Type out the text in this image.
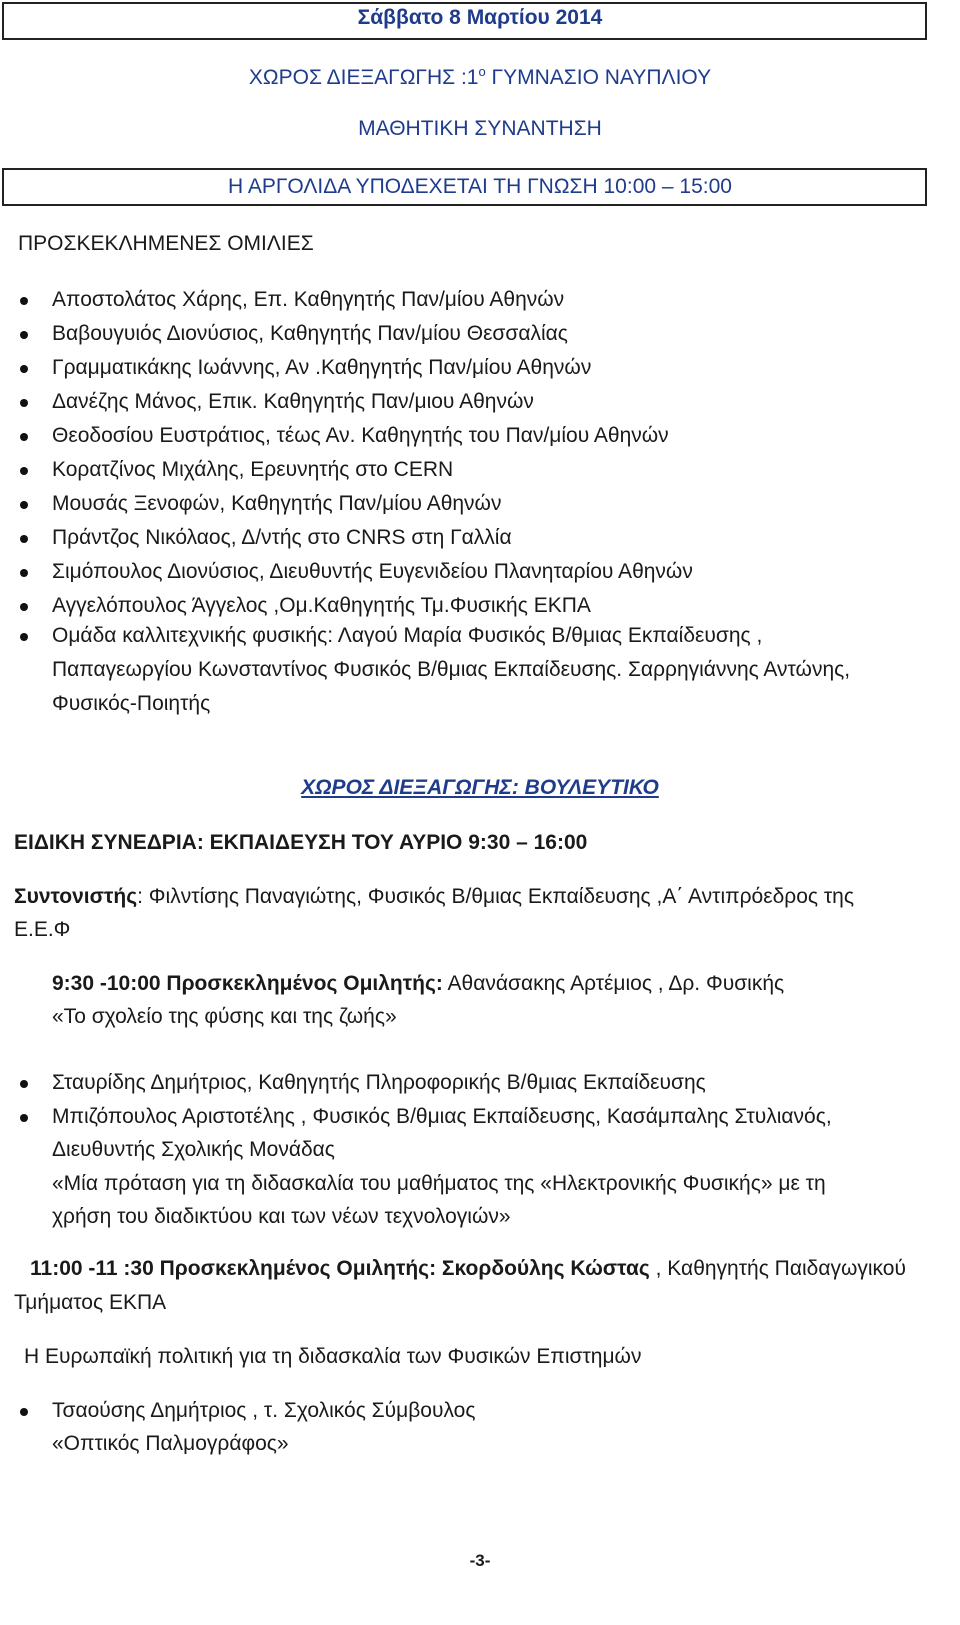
Σάββατο 8 Μαρτίου 2014
ΧΩΡΟΣ ΔΙΕΞΑΓΩΓΗΣ $:1^o$ ΓΥΜΝΑΣΙΟ ΝΑΥΠΛΙΟΥ
ΜΑΘΗΤΙΚΗ ΣΥΝΑΝΤΗΣΗ
Η ΑΡΓΟΛΙΔΑ ΥΠΟΔΕΧΕΤΑΙ ΤΗ ΓΝΩΣΗ 10:00 – 15:00
ΠΡΟΣΚΕΚΛΗΜΕΝΕΣ ΟΜΙΛΙΕΣ
Αποστολάτος Χάρης, Επ. Καθηγητής Παν/μίου Αθηνών
Βαβουγυιός Διονύσιος, Καθηγητής Παν/μίου Θεσσαλίας
Γραμματικάκης Ιωάννης, Αν .Καθηγητής Παν/μίου Αθηνών
Δανέζης Μάνος, Επικ. Καθηγητής Παν/μιου Αθηνών
Θεοδοσίου Ευστράτιος, τέως Αν. Καθηγητής του Παν/μίου Αθηνών
Κορατζίνος Μιχάλης, Ερευνητής στο CERN
Μουσάς Ξενοφών, Καθηγητής Παν/μίου Αθηνών
Πράντζος Νικόλαος, Δ/ντής στο CNRS στη Γαλλία
Σιμόπουλος Διονύσιος, Διευθυντής Ευγενιδείου Πλανηταρίου Αθηνών
Αγγελόπουλος Άγγελος ,Ομ.Καθηγητής Τμ.Φυσικής ΕΚΠΑ
Ομάδα καλλιτεχνικής φυσικής: Λαγού Μαρία Φυσικός Β/θμιας Εκπαίδευσης ,
Παπαγεωργίου Κωνσταντίνος Φυσικός Β/θμιας Εκπαίδευσης. Σαρρηγιάννης Αντώνης,
Φυσικός-Ποιητής
ΧΩΡΟΣ ΔΙΕΞΑΓΩΓΗΣ: ΒΟΥΛΕΥΤΙΚΟ
ΕΙΔΙΚΗ ΣΥΝΕΔΡΙΑ: ΕΚΠΑΙΔΕΥΣΗ ΤΟΥ ΑΥΡΙΟ 9:30 – 16:00
Συντονιστής: Φιλντίσης Παναγιώτης, Φυσικός Β/θμιας Εκπαίδευσης ,Α΄ Αντιπρόεδρος της
Ε.Ε.Φ
9:30 -10:00 Προσκεκλημένος Ομιλητής: Αθανάσακης Αρτέμιος , Δρ. Φυσικής
«Το σχολείο της φύσης και της ζωής»
Σταυρίδης Δημήτριος, Καθηγητής Πληροφορικής Β/θμιας Εκπαίδευσης
Μπιζόπουλος Αριστοτέλης , Φυσικός Β/θμιας Εκπαίδευσης, Κασάμπαλης Στυλιανός,
Διευθυντής Σχολικής Μονάδας
«Μία πρόταση για τη διδασκαλία του μαθήματος της «Ηλεκτρονικής Φυσικής» με τη
χρήση του διαδικτύου και των νέων τεχνολογιών»
11:00 -11 :30 Προσκεκλημένος Ομιλητής: Σκορδούλης Κώστας , Καθηγητής Παιδαγωγικού
Τμήματος ΕΚΠΑ
Η Ευρωπαϊκή πολιτική για τη διδασκαλία των Φυσικών Επιστημών
Τσαούσης Δημήτριος , τ. Σχολικός Σύμβουλος
«Οπτικός Παλμογράφος»
-3-
